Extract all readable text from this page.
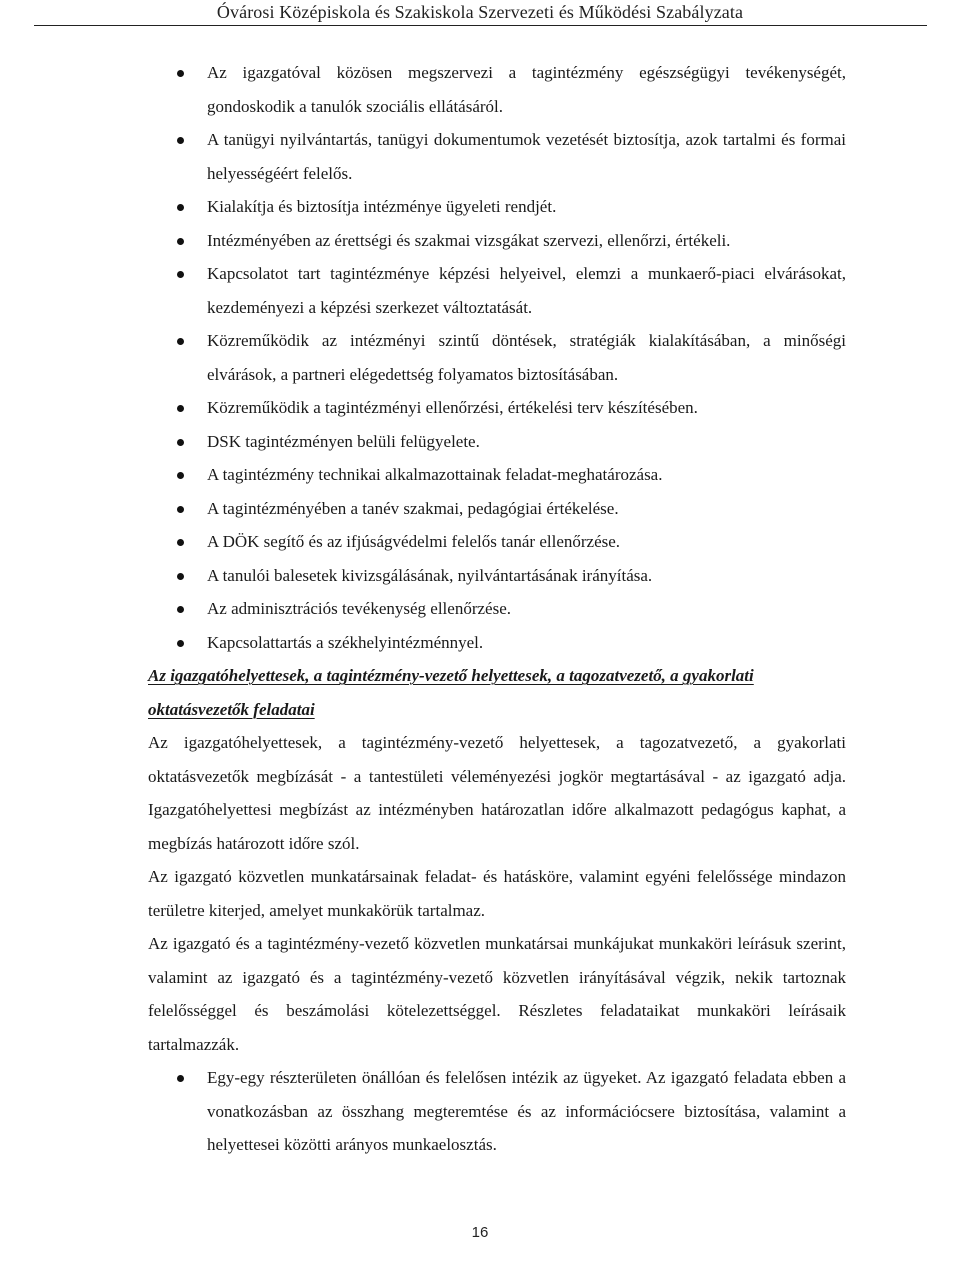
Óvárosi Középiskola és Szakiskola Szervezeti és Működési Szabályzata
Az igazgatóval közösen megszervezi a tagintézmény egészségügyi tevékenységét, gondoskodik a tanulók szociális ellátásáról.
A tanügyi nyilvántartás, tanügyi dokumentumok vezetését biztosítja, azok tartalmi és formai helyességéért felelős.
Kialakítja és biztosítja intézménye ügyeleti rendjét.
Intézményében az érettségi és szakmai vizsgákat szervezi, ellenőrzi, értékeli.
Kapcsolatot tart tagintézménye képzési helyeivel, elemzi a munkaerő-piaci elvárásokat, kezdeményezi a képzési szerkezet változtatását.
Közreműködik az intézményi szintű döntések, stratégiák kialakításában, a minőségi elvárások, a partneri elégedettség folyamatos biztosításában.
Közreműködik a tagintézményi ellenőrzési, értékelési terv készítésében.
DSK tagintézményen belüli felügyelete.
A tagintézmény technikai alkalmazottainak feladat-meghatározása.
A tagintézményében a tanév szakmai, pedagógiai értékelése.
A DÖK segítő és az ifjúságvédelmi felelős tanár ellenőrzése.
A tanulói balesetek kivizsgálásának, nyilvántartásának irányítása.
Az adminisztrációs tevékenység ellenőrzése.
Kapcsolattartás a székhelyintézménnyel.

Az igazgatóhelyettesek, a tagintézmény-vezető helyettesek, a tagozatvezető, a gyakorlati oktatásvezetők feladatai

Az igazgatóhelyettesek, a tagintézmény-vezető helyettesek, a tagozatvezető, a gyakorlati oktatásvezetők megbízását - a tantestületi véleményezési jogkör megtartásával - az igazgató adja. Igazgatóhelyettesi megbízást az intézményben határozatlan időre alkalmazott pedagógus kaphat, a megbízás határozott időre szól.

Az igazgató közvetlen munkatársainak feladat- és hatásköre, valamint egyéni felelőssége mindazon területre kiterjed, amelyet munkakörük tartalmaz.

Az igazgató és a tagintézmény-vezető közvetlen munkatársai munkájukat munkaköri leírásuk szerint, valamint az igazgató és a tagintézmény-vezető közvetlen irányításával végzik, nekik tartoznak felelősséggel és beszámolási kötelezettséggel. Részletes feladataikat munkaköri leírásaik tartalmazzák.

Egy-egy részterületen önállóan és felelősen intézik az ügyeket. Az igazgató feladata ebben a vonatkozásban az összhang megteremtése és az információcsere biztosítása, valamint a helyettesei közötti arányos munkaelosztás.
16
